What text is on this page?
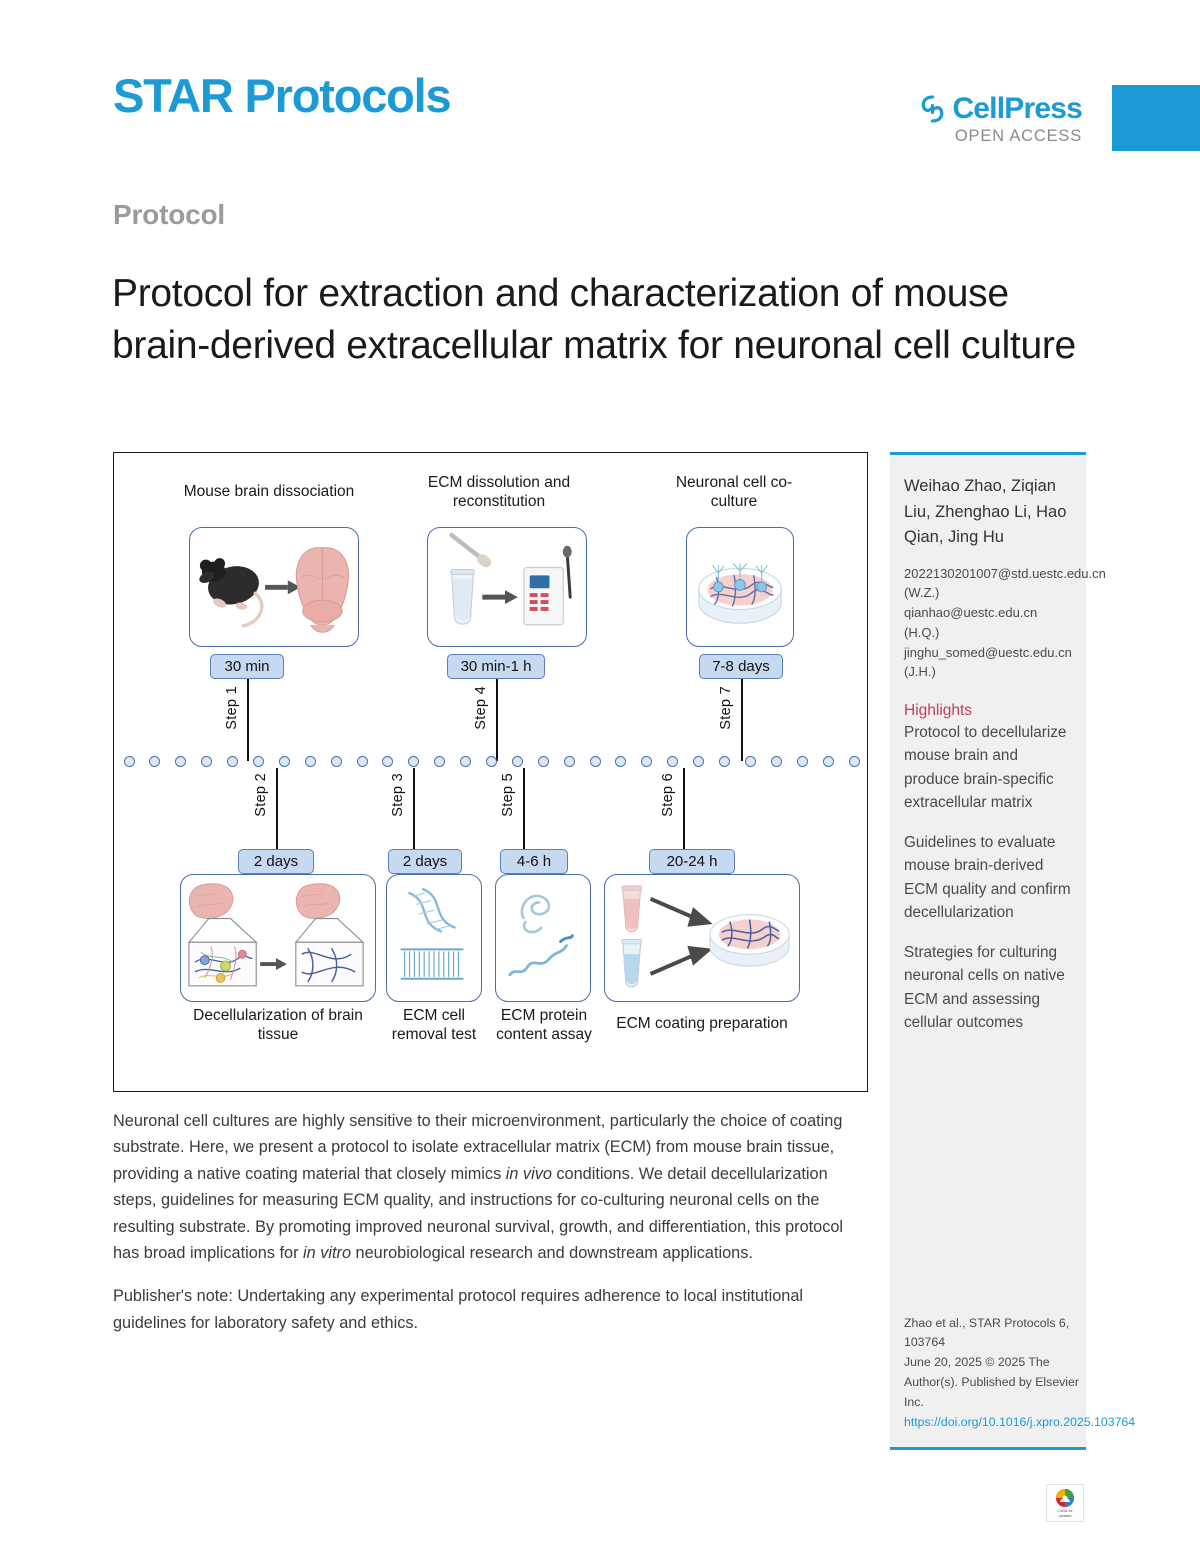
STAR Protocols	CellPress
OPEN ACCESS
Protocol
Protocol for extraction and characterization of mouse brain-derived extracellular matrix for neuronal cell culture
Mouse brain dissociation
ECM dissolution and reconstitution
Neuronal cell co-culture
30 min
Step 1
30 min-1 h
Step 4
7-8 days
Step 7
Step 2
2 days
Step 3
2 days
Step 5
4-6 h
Step 6
20-24 h
Decellularization of brain tissue
ECM cell removal test
ECM protein content assay
ECM coating preparation

Neuronal cell cultures are highly sensitive to their microenvironment, particularly the choice of coating substrate. Here, we present a protocol to isolate extracellular matrix (ECM) from mouse brain tissue, providing a native coating material that closely mimics in vivo conditions. We detail decellularization steps, guidelines for measuring ECM quality, and instructions for co-culturing neuronal cells on the resulting substrate. By promoting improved neuronal survival, growth, and differentiation, this protocol has broad implications for in vitro neurobiological research and downstream applications.

Publisher's note: Undertaking any experimental protocol requires adherence to local institutional guidelines for laboratory safety and ethics.

Weihao Zhao, Ziqian Liu, Zhenghao Li, Hao Qian, Jing Hu
2022130201007@std.uestc.edu.cn (W.Z.) qianhao@uestc.edu.cn (H.Q.) jinghu_somed@uestc.edu.cn (J.H.)
Highlights
Protocol to decellularize mouse brain and produce brain-specific extracellular matrix
Guidelines to evaluate mouse brain-derived ECM quality and confirm decellularization
Strategies for culturing neuronal cells on native ECM and assessing cellular outcomes
Zhao et al., STAR Protocols 6, 103764
June 20, 2025 © 2025 The Author(s). Published by Elsevier Inc.
https://doi.org/10.1016/j.xpro.2025.103764
Check for
updates
